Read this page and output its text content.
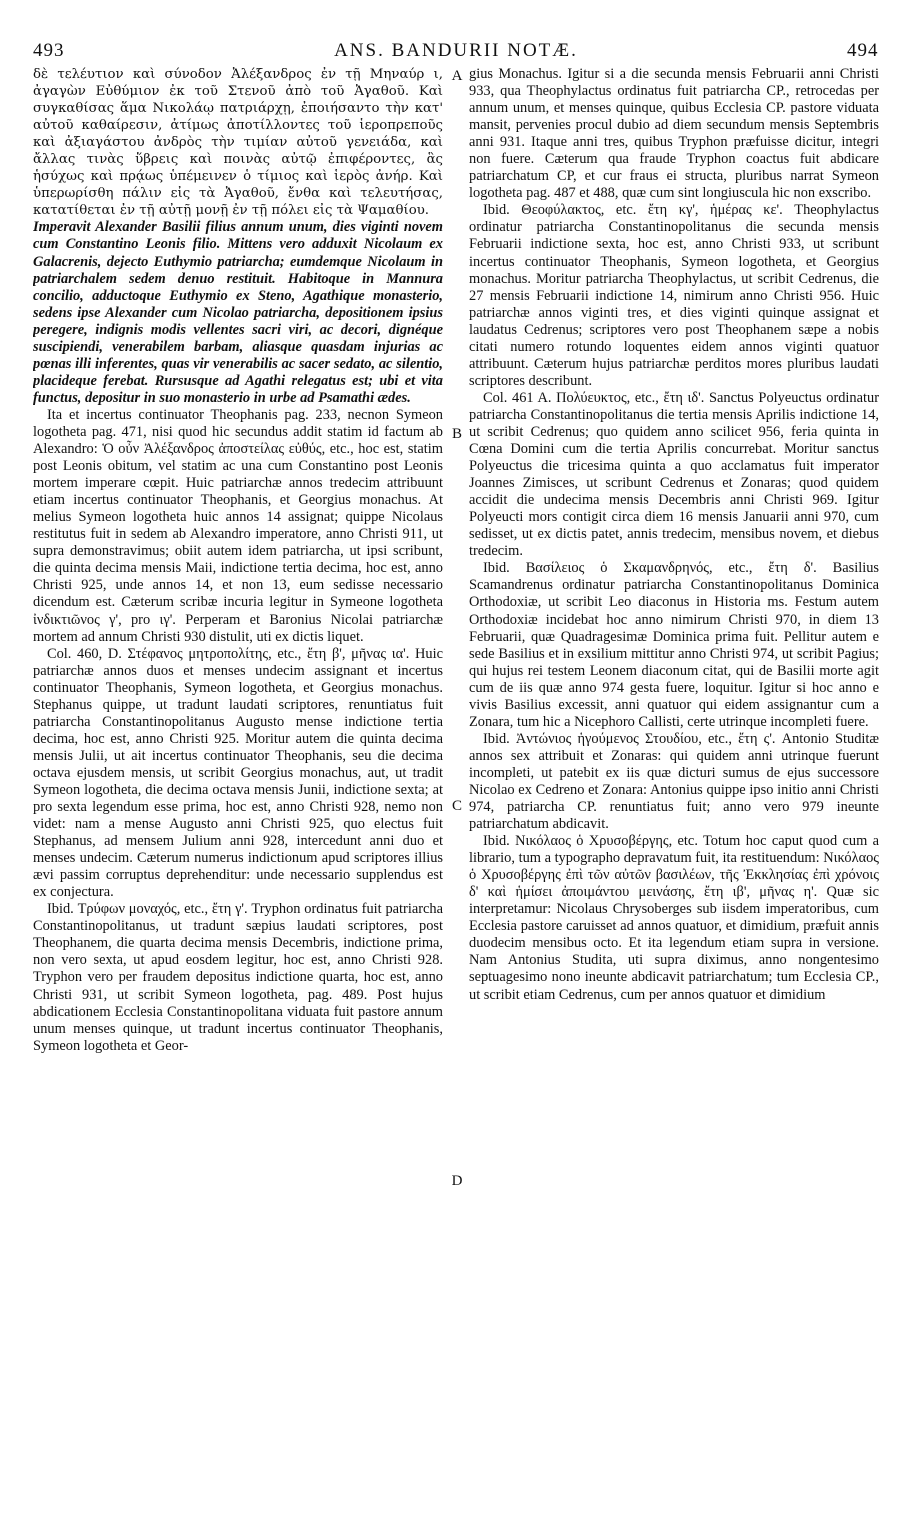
493	ANS. BANDURII NOTÆ.	494
A
B
C
D

δὲ τελέυτιον καὶ σύνοδον Ἀλέξανδρος ἐν τῇ Μηναύρ ι, ἀγαγὼν Εὐθύμιον ἐκ τοῦ Στενοῦ ἀπὸ τοῦ Ἀγαθοῦ. Καὶ συγκαθίσας ἅμα Νικολάῳ πατριάρχῃ, ἐποιήσαντο τὴν κατ' αὐτοῦ καθαίρεσιν, ἀτίμως ἀποτίλλοντες τοῦ ἱεροπρεποῦς καὶ ἀξιαγάστου ἀνδρὸς τὴν τιμίαν αὐτοῦ γενειάδα, καὶ ἄλλας τινὰς ὕβρεις καὶ ποινὰς αὐτῷ ἐπιφέροντες, ἃς ἡσύχως καὶ πρᾴως ὑπέμεινεν ὁ τίμιος καὶ ἱερὸς ἀνήρ. Καὶ ὑπερωρίσθη πάλιν εἰς τὰ Ἀγαθοῦ, ἔνθα καὶ τελευτήσας, κατατίθεται ἐν τῇ αὐτῇ μονῇ ἐν τῇ πόλει εἰς τὰ Ψαμαθίου.

Imperavit Alexander Basilii filius annum unum, dies viginti novem cum Constantino Leonis filio. Mittens vero adduxit Nicolaum ex Galacrenis, dejecto Euthymio patriarcha; eumdemque Nicolaum in patriarchalem sedem denuo restituit. Habitoque in Mannura concilio, adductoque Euthymio ex Steno, Agathique monasterio, sedens ipse Alexander cum Nicolao patriarcha, depositionem ipsius peregere, indignis modis vellentes sacri viri, ac decori, dignéque suscipiendi, venerabilem barbam, aliasque quasdam injurias ac pœnas illi inferentes, quas vir venerabilis ac sacer sedato, ac silentio, placideque ferebat. Rursusque ad Agathi relegatus est; ubi et vita functus, depositur in suo monasterio in urbe ad Psamathi ædes.

Ita et incertus continuator Theophanis pag. 233, necnon Symeon logotheta pag. 471, nisi quod hic secundus addit statim id factum ab Alexandro: Ὁ οὖν Ἀλέξανδρος ἀποστείλας εὐθύς, etc., hoc est, statim post Leonis obitum, vel statim ac una cum Constantino post Leonis mortem imperare cœpit. Huic patriarchæ annos tredecim attribuunt etiam incertus continuator Theophanis, et Georgius monachus. At melius Symeon logotheta huic annos 14 assignat; quippe Nicolaus restitutus fuit in sedem ab Alexandro imperatore, anno Christi 911, ut supra demonstravimus; obiit autem idem patriarcha, ut ipsi scribunt, die quinta decima mensis Maii, indictione tertia decima, hoc est, anno Christi 925, unde annos 14, et non 13, eum sedisse necessario dicendum est. Cæterum scribæ incuria legitur in Symeone logotheta ἰνδικτιῶνος γ', pro ιγ'. Perperam et Baronius Nicolai patriarchæ mortem ad annum Christi 930 distulit, uti ex dictis liquet.

Col. 460, D. Στέφανος μητροπολίτης, etc., ἔτη β', μῆνας ια'. Huic patriarchæ annos duos et menses undecim assignant et incertus continuator Theophanis, Symeon logotheta, et Georgius monachus. Stephanus quippe, ut tradunt laudati scriptores, renuntiatus fuit patriarcha Constantinopolitanus Augusto mense indictione tertia decima, hoc est, anno Christi 925. Moritur autem die quinta decima mensis Julii, ut ait incertus continuator Theophanis, seu die decima octava ejusdem mensis, ut scribit Georgius monachus, aut, ut tradit Symeon logotheta, die decima octava mensis Junii, indictione sexta; at pro sexta legendum esse prima, hoc est, anno Christi 928, nemo non videt: nam a mense Augusto anni Christi 925, quo electus fuit Stephanus, ad mensem Julium anni 928, intercedunt anni duo et menses undecim. Cæterum numerus indictionum apud scriptores illius ævi passim corruptus deprehenditur: unde necessario supplendus est ex conjectura.

Ibid. Τρύφων μοναχός, etc., ἔτη γ'. Tryphon ordinatus fuit patriarcha Constantinopolitanus, ut tradunt sæpius laudati scriptores, post Theophanem, die quarta decima mensis Decembris, indictione prima, non vero sexta, ut apud eosdem legitur, hoc est, anno Christi 928. Tryphon vero per fraudem depositus indictione quarta, hoc est, anno Christi 931, ut scribit Symeon logotheta, pag. 489. Post hujus abdicationem Ecclesia Constantinopolitana viduata fuit pastore annum unum menses quinque, ut tradunt incertus continuator Theophanis, Symeon logotheta et Geor-

gius Monachus. Igitur si a die secunda mensis Februarii anni Christi 933, qua Theophylactus ordinatus fuit patriarcha CP., retrocedas per annum unum, et menses quinque, quibus Ecclesia CP. pastore viduata mansit, pervenies procul dubio ad diem secundum mensis Septembris anni 931. Itaque anni tres, quibus Tryphon præfuisse dicitur, integri non fuere. Cæterum qua fraude Tryphon coactus fuit abdicare patriarchatum CP, et cur fraus ei structa, pluribus narrat Symeon logotheta pag. 487 et 488, quæ cum sint longiuscula hic non exscribo.

Ibid. Θεοφύλακτος, etc. ἔτη κγ', ἡμέρας κε'. Theophylactus ordinatur patriarcha Constantinopolitanus die secunda mensis Februarii indictione sexta, hoc est, anno Christi 933, ut scribunt incertus continuator Theophanis, Symeon logotheta, et Georgius monachus. Moritur patriarcha Theophylactus, ut scribit Cedrenus, die 27 mensis Februarii indictione 14, nimirum anno Christi 956. Huic patriarchæ annos viginti tres, et dies viginti quinque assignat et laudatus Cedrenus; scriptores vero post Theophanem sæpe a nobis citati numero rotundo loquentes eidem annos viginti quatuor attribuunt. Cæterum hujus patriarchæ perditos mores pluribus laudati scriptores describunt.

Col. 461 A. Πολύευκτος, etc., ἔτη ιδ'. Sanctus Polyeuctus ordinatur patriarcha Constantinopolitanus die tertia mensis Aprilis indictione 14, ut scribit Cedrenus; quo quidem anno scilicet 956, feria quinta in Cœna Domini cum die tertia Aprilis concurrebat. Moritur sanctus Polyeuctus die tricesima quinta a quo acclamatus fuit imperator Joannes Zimisces, ut scribunt Cedrenus et Zonaras; quod quidem accidit die undecima mensis Decembris anni Christi 969. Igitur Polyeucti mors contigit circa diem 16 mensis Januarii anni 970, cum sedisset, ut ex dictis patet, annis tredecim, mensibus novem, et diebus tredecim.

Ibid. Βασίλειος ὁ Σκαμανδρηνός, etc., ἔτη δ'. Basilius Scamandrenus ordinatur patriarcha Constantinopolitanus Dominica Orthodoxiæ, ut scribit Leo diaconus in Historia ms. Festum autem Orthodoxiæ incidebat hoc anno nimirum Christi 970, in diem 13 Februarii, quæ Quadragesimæ Dominica prima fuit. Pellitur autem e sede Basilius et in exsilium mittitur anno Christi 974, ut scribit Pagius; qui hujus rei testem Leonem diaconum citat, qui de Basilii morte agit cum de iis quæ anno 974 gesta fuere, loquitur. Igitur si hoc anno e vivis Basilius excessit, anni quatuor qui eidem assignantur cum a Zonara, tum hic a Nicephoro Callisti, certe utrinque incompleti fuere.

Ibid. Ἀντώνιος ἡγούμενος Στουδίου, etc., ἔτη ς'. Antonio Studitæ annos sex attribuit et Zonaras: qui quidem anni utrinque fuerunt incompleti, ut patebit ex iis quæ dicturi sumus de ejus successore Nicolao ex Cedreno et Zonara: Antonius quippe ipso initio anni Christi 974, patriarcha CP. renuntiatus fuit; anno vero 979 ineunte patriarchatum abdicavit.

Ibid. Νικόλαος ὁ Χρυσοβέργης, etc. Totum hoc caput quod cum a librario, tum a typographo depravatum fuit, ita restituendum: Νικόλαος ὁ Χρυσοβέργης ἐπὶ τῶν αὐτῶν βασιλέων, τῆς Ἐκκλησίας ἐπὶ χρόνοις δ' καὶ ἡμίσει ἀποιμάντου μεινάσης, ἔτη ιβ', μῆνας η'. Quæ sic interpretamur: Nicolaus Chrysoberges sub iisdem imperatoribus, cum Ecclesia pastore caruisset ad annos quatuor, et dimidium, præfuit annis duodecim mensibus octo. Et ita legendum etiam supra in versione. Nam Antonius Studita, uti supra diximus, anno nongentesimo septuagesimo nono ineunte abdicavit patriarchatum; tum Ecclesia CP., ut scribit etiam Cedrenus, cum per annos quatuor et dimidium
